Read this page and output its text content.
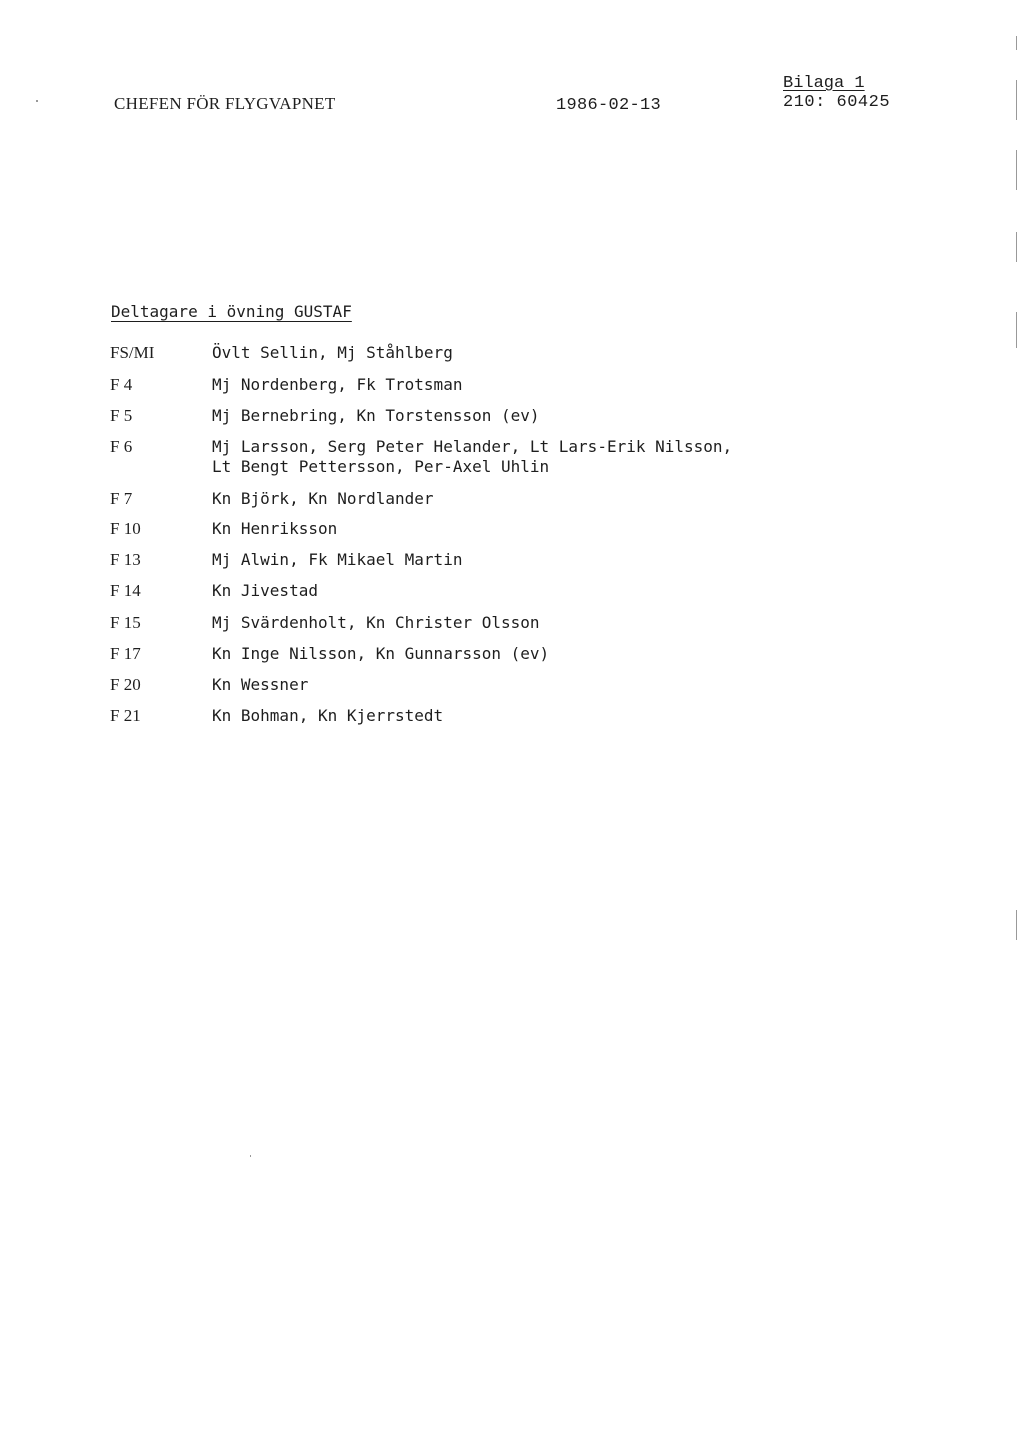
CHEFEN FÖR FLYGVAPNET	1986-02-13
Bilaga 1
210: 60425
Deltagare i övning GUSTAF
FS/MI	Övlt Sellin, Mj Ståhlberg
F 4	Mj Nordenberg, Fk Trotsman
F 5	Mj Bernebring, Kn Torstensson (ev)
F 6	Mj Larsson, Serg Peter Helander, Lt Lars-Erik Nilsson,
Lt Bengt Pettersson, Per-Axel Uhlin
F 7	Kn Björk, Kn Nordlander
F 10	Kn Henriksson
F 13	Mj Alwin, Fk Mikael Martin
F 14	Kn Jivestad
F 15	Mj Svärdenholt, Kn Christer Olsson
F 17	Kn Inge Nilsson, Kn Gunnarsson (ev)
F 20	Kn Wessner
F 21	Kn Bohman, Kn Kjerrstedt
